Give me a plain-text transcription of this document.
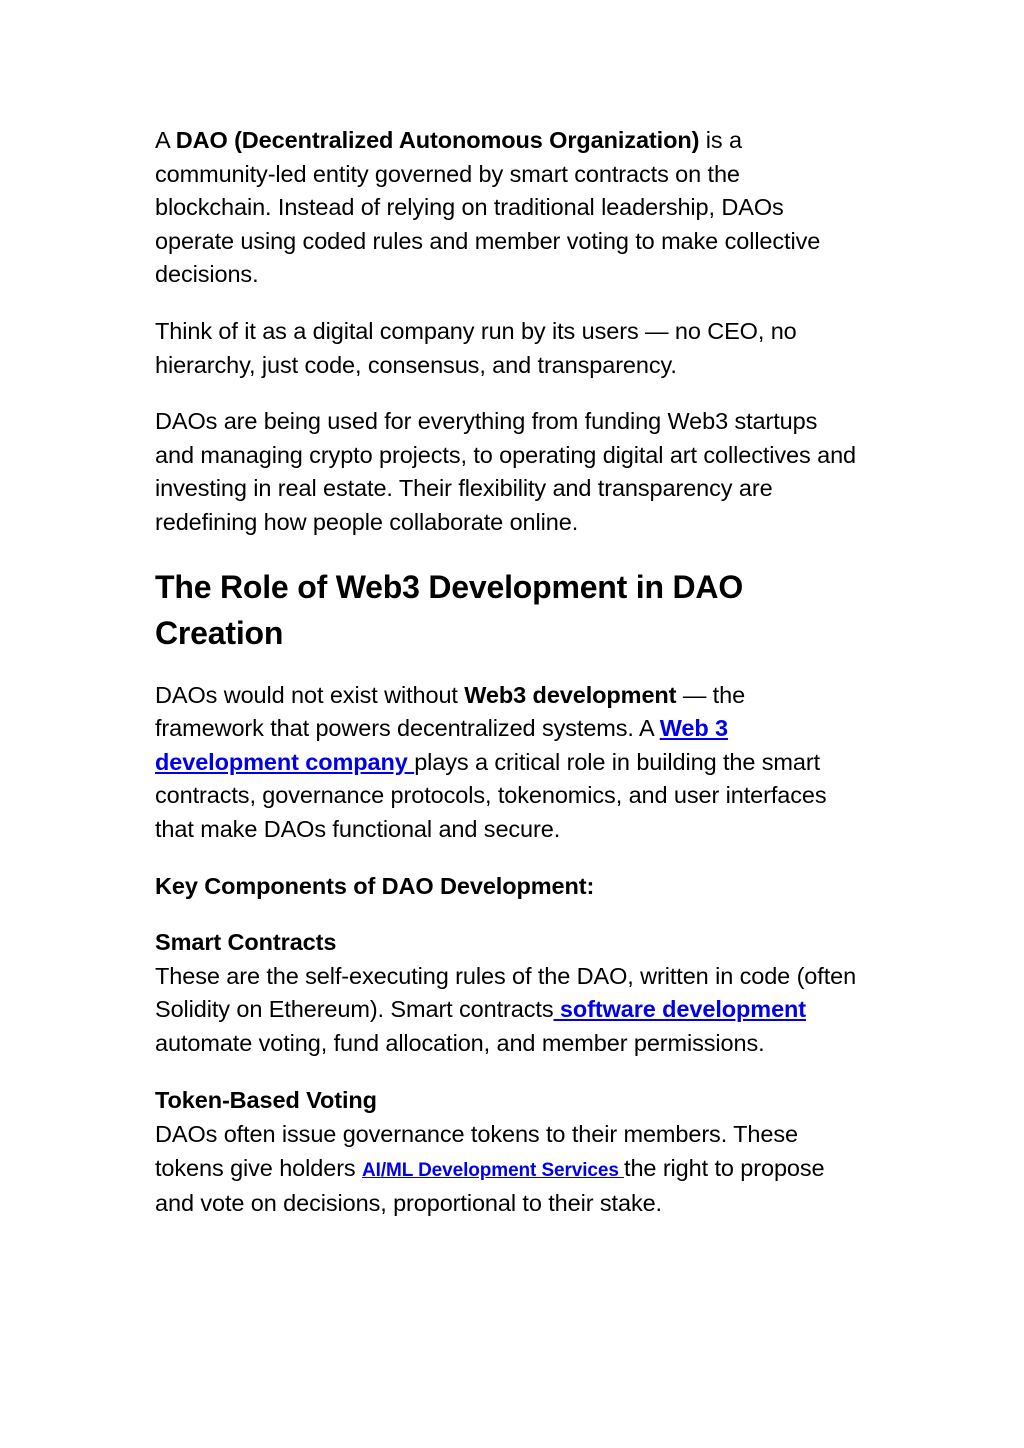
A DAO (Decentralized Autonomous Organization) is a community-led entity governed by smart contracts on the blockchain. Instead of relying on traditional leadership, DAOs operate using coded rules and member voting to make collective decisions.

Think of it as a digital company run by its users — no CEO, no hierarchy, just code, consensus, and transparency.

DAOs are being used for everything from funding Web3 startups and managing crypto projects, to operating digital art collectives and investing in real estate. Their flexibility and transparency are redefining how people collaborate online.

The Role of Web3 Development in DAO Creation

DAOs would not exist without Web3 development — the framework that powers decentralized systems. A Web 3 development company plays a critical role in building the smart contracts, governance protocols, tokenomics, and user interfaces that make DAOs functional and secure.

Key Components of DAO Development:

Smart Contracts
These are the self-executing rules of the DAO, written in code (often Solidity on Ethereum). Smart contracts software development automate voting, fund allocation, and member permissions.

Token-Based Voting
DAOs often issue governance tokens to their members. These tokens give holders AI/ML Development Services the right to propose and vote on decisions, proportional to their stake.
